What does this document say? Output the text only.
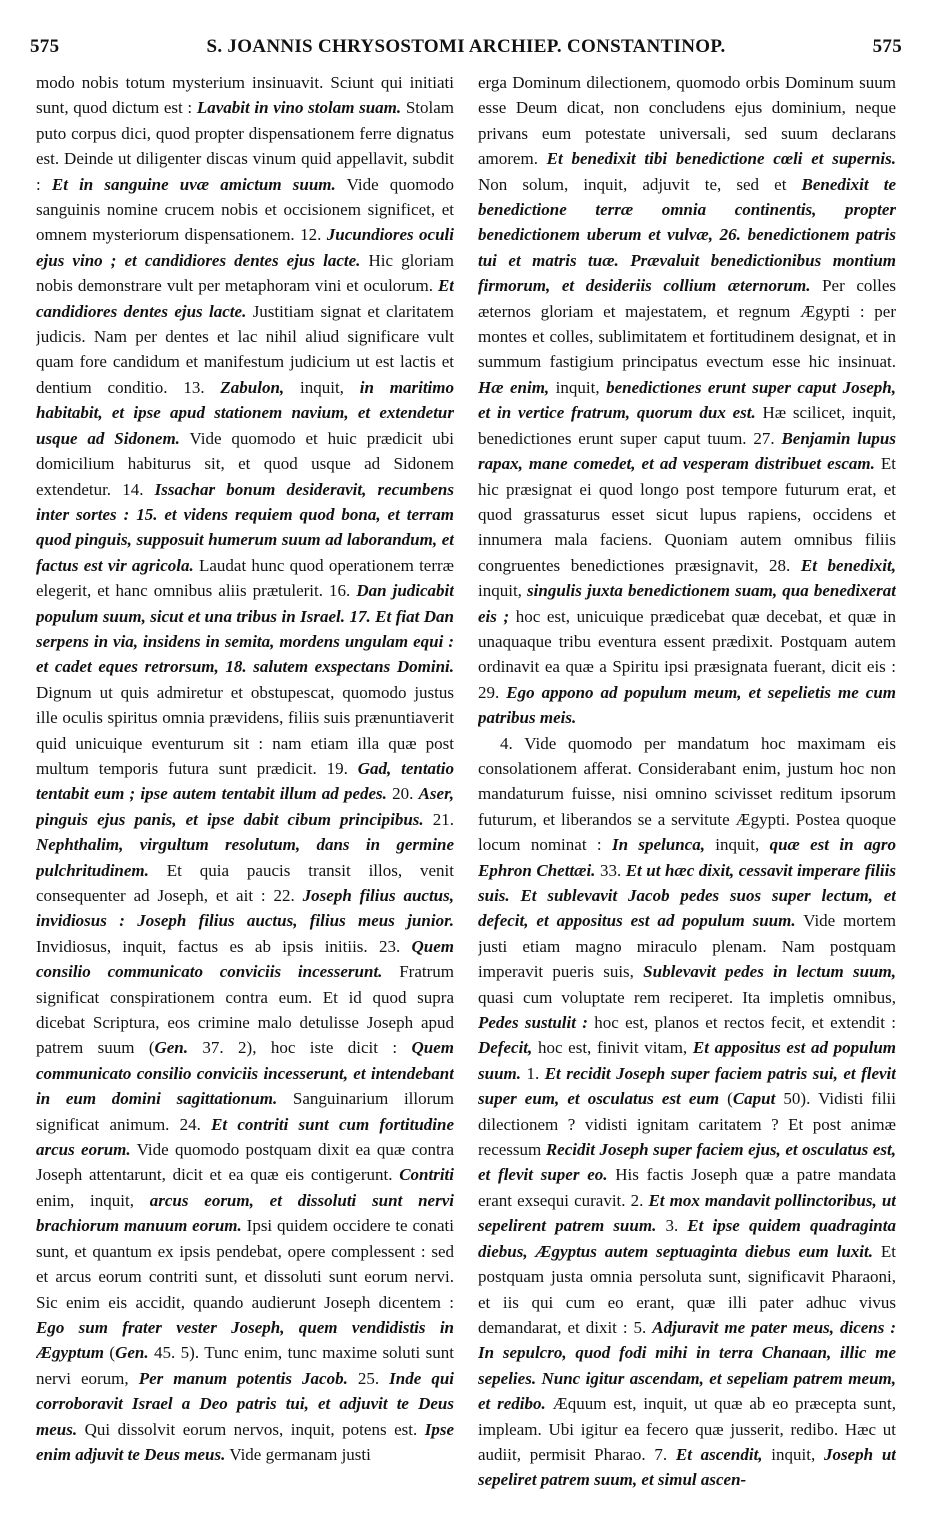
575	S. JOANNIS CHRYSOSTOMI ARCHIEP. CONSTANTINOP.	575

modo nobis totum mysterium insinuavit. Sciunt qui initiati sunt, quod dictum est : Lavabit in vino stolam suam. Stolam puto corpus dici, quod propter dispensationem ferre dignatus est. Deinde ut diligenter discas vinum quid appellavit, subdit : Et in sanguine uvæ amictum suum. Vide quomodo sanguinis nomine crucem nobis et occisionem significet, et omnem mysteriorum dispensationem. 12. Jucundiores oculi ejus vino ; et candidiores dentes ejus lacte. Hic gloriam nobis demonstrare vult per metaphoram vini et oculorum. Et candidiores dentes ejus lacte. Justitiam signat et claritatem judicis. Nam per dentes et lac nihil aliud significare vult quam fore candidum et manifestum judicium ut est lactis et dentium conditio. 13. Zabulon, inquit, in maritimo habitabit, et ipse apud stationem navium, et extendetur usque ad Sidonem. Vide quomodo et huic prædicit ubi domicilium habiturus sit, et quod usque ad Sidonem extendetur. 14. Issachar bonum desideravit, recumbens inter sortes : 15. et videns requiem quod bona, et terram quod pinguis, supposuit humerum suum ad laborandum, et factus est vir agricola. Laudat hunc quod operationem terræ elegerit, et hanc omnibus aliis prætulerit. 16. Dan judicabit populum suum, sicut et una tribus in Israel. 17. Et fiat Dan serpens in via, insidens in semita, mordens ungulam equi : et cadet eques retrorsum, 18. salutem exspectans Domini. Dignum ut quis admiretur et obstupescat, quomodo justus ille oculis spiritus omnia prævidens, filiis suis prænuntiaverit quid unicuique eventurum sit : nam etiam illa quæ post multum temporis futura sunt prædicit. 19. Gad, tentatio tentabit eum ; ipse autem tentabit illum ad pedes. 20. Aser, pinguis ejus panis, et ipse dabit cibum principibus. 21. Nephthalim, virgultum resolutum, dans in germine pulchritudinem. Et quia paucis transit illos, venit consequenter ad Joseph, et ait : 22. Joseph filius auctus, invidiosus : Joseph filius auctus, filius meus junior. Invidiosus, inquit, factus es ab ipsis initiis. 23. Quem consilio communicato conviciis incesserunt. Fratrum significat conspirationem contra eum. Et id quod supra dicebat Scriptura, eos crimine malo detulisse Joseph apud patrem suum (Gen. 37. 2), hoc iste dicit : Quem communicato consilio conviciis incesserunt, et intendebant in eum domini sagittationum. Sanguinarium illorum significat animum. 24. Et contriti sunt cum fortitudine arcus eorum. Vide quomodo postquam dixit ea quæ contra Joseph attentarunt, dicit et ea quæ eis contigerunt. Contriti enim, inquit, arcus eorum, et dissoluti sunt nervi brachiorum manuum eorum. Ipsi quidem occidere te conati sunt, et quantum ex ipsis pendebat, opere complessent : sed et arcus eorum contriti sunt, et dissoluti sunt eorum nervi. Sic enim eis accidit, quando audierunt Joseph dicentem : Ego sum frater vester Joseph, quem vendidistis in Ægyptum (Gen. 45. 5). Tunc enim, tunc maxime soluti sunt nervi eorum, Per manum potentis Jacob. 25. Inde qui corroboravit Israel a Deo patris tui, et adjuvit te Deus meus. Qui dissolvit eorum nervos, inquit, potens est. Ipse enim adjuvit te Deus meus. Vide germanam justi

erga Dominum dilectionem, quomodo orbis Dominum suum esse Deum dicat, non concludens ejus dominium, neque privans eum potestate universali, sed suum declarans amorem. Et benedixit tibi benedictione cœli et supernis. Non solum, inquit, adjuvit te, sed et Benedixit te benedictione terræ omnia continentis, propter benedictionem uberum et vulvæ, 26. benedictionem patris tui et matris tuæ. Prævaluit benedictionibus montium firmorum, et desideriis collium æternorum. Per colles æternos gloriam et majestatem, et regnum Ægypti : per montes et colles, sublimitatem et fortitudinem designat, et in summum fastigium principatus evectum esse hic insinuat. Hæ enim, inquit, benedictiones erunt super caput Joseph, et in vertice fratrum, quorum dux est. Hæ scilicet, inquit, benedictiones erunt super caput tuum. 27. Benjamin lupus rapax, mane comedet, et ad vesperam distribuet escam. Et hic præsignat ei quod longo post tempore futurum erat, et quod grassaturus esset sicut lupus rapiens, occidens et innumera mala faciens. Quoniam autem omnibus filiis congruentes benedictiones præsignavit, 28. Et benedixit, inquit, singulis juxta benedictionem suam, qua benedixerat eis ; hoc est, unicuique prædicebat quæ decebat, et quæ in unaquaque tribu eventura essent prædixit. Postquam autem ordinavit ea quæ a Spiritu ipsi præsignata fuerant, dicit eis : 29. Ego appono ad populum meum, et sepelietis me cum patribus meis.

4. Vide quomodo per mandatum hoc maximam eis consolationem afferat. Considerabant enim, justum hoc non mandaturum fuisse, nisi omnino scivisset reditum ipsorum futurum, et liberandos se a servitute Ægypti. Postea quoque locum nominat : In spelunca, inquit, quæ est in agro Ephron Chettæi. 33. Et ut hæc dixit, cessavit imperare filiis suis. Et sublevavit Jacob pedes suos super lectum, et defecit, et appositus est ad populum suum. Vide mortem justi etiam magno miraculo plenam. Nam postquam imperavit pueris suis, Sublevavit pedes in lectum suum, quasi cum voluptate rem reciperet. Ita impletis omnibus, Pedes sustulit : hoc est, planos et rectos fecit, et extendit : Defecit, hoc est, finivit vitam, Et appositus est ad populum suum. 1. Et recidit Joseph super faciem patris sui, et flevit super eum, et osculatus est eum (Caput 50). Vidisti filii dilectionem ? vidisti ignitam caritatem ? Et post animæ recessum Recidit Joseph super faciem ejus, et osculatus est, et flevit super eo. His factis Joseph quæ a patre mandata erant exsequi curavit. 2. Et mox mandavit pollinctoribus, ut sepelirent patrem suum. 3. Et ipse quidem quadraginta diebus, Ægyptus autem septuaginta diebus eum luxit. Et postquam justa omnia persoluta sunt, significavit Pharaoni, et iis qui cum eo erant, quæ illi pater adhuc vivus demandarat, et dixit : 5. Adjuravit me pater meus, dicens : In sepulcro, quod fodi mihi in terra Chanaan, illic me sepelies. Nunc igitur ascendam, et sepeliam patrem meum, et redibo. Æquum est, inquit, ut quæ ab eo præcepta sunt, impleam. Ubi igitur ea fecero quæ jusserit, redibo. Hæc ut audiit, permisit Pharao. 7. Et ascendit, inquit, Joseph ut sepeliret patrem suum, et simul ascen-
